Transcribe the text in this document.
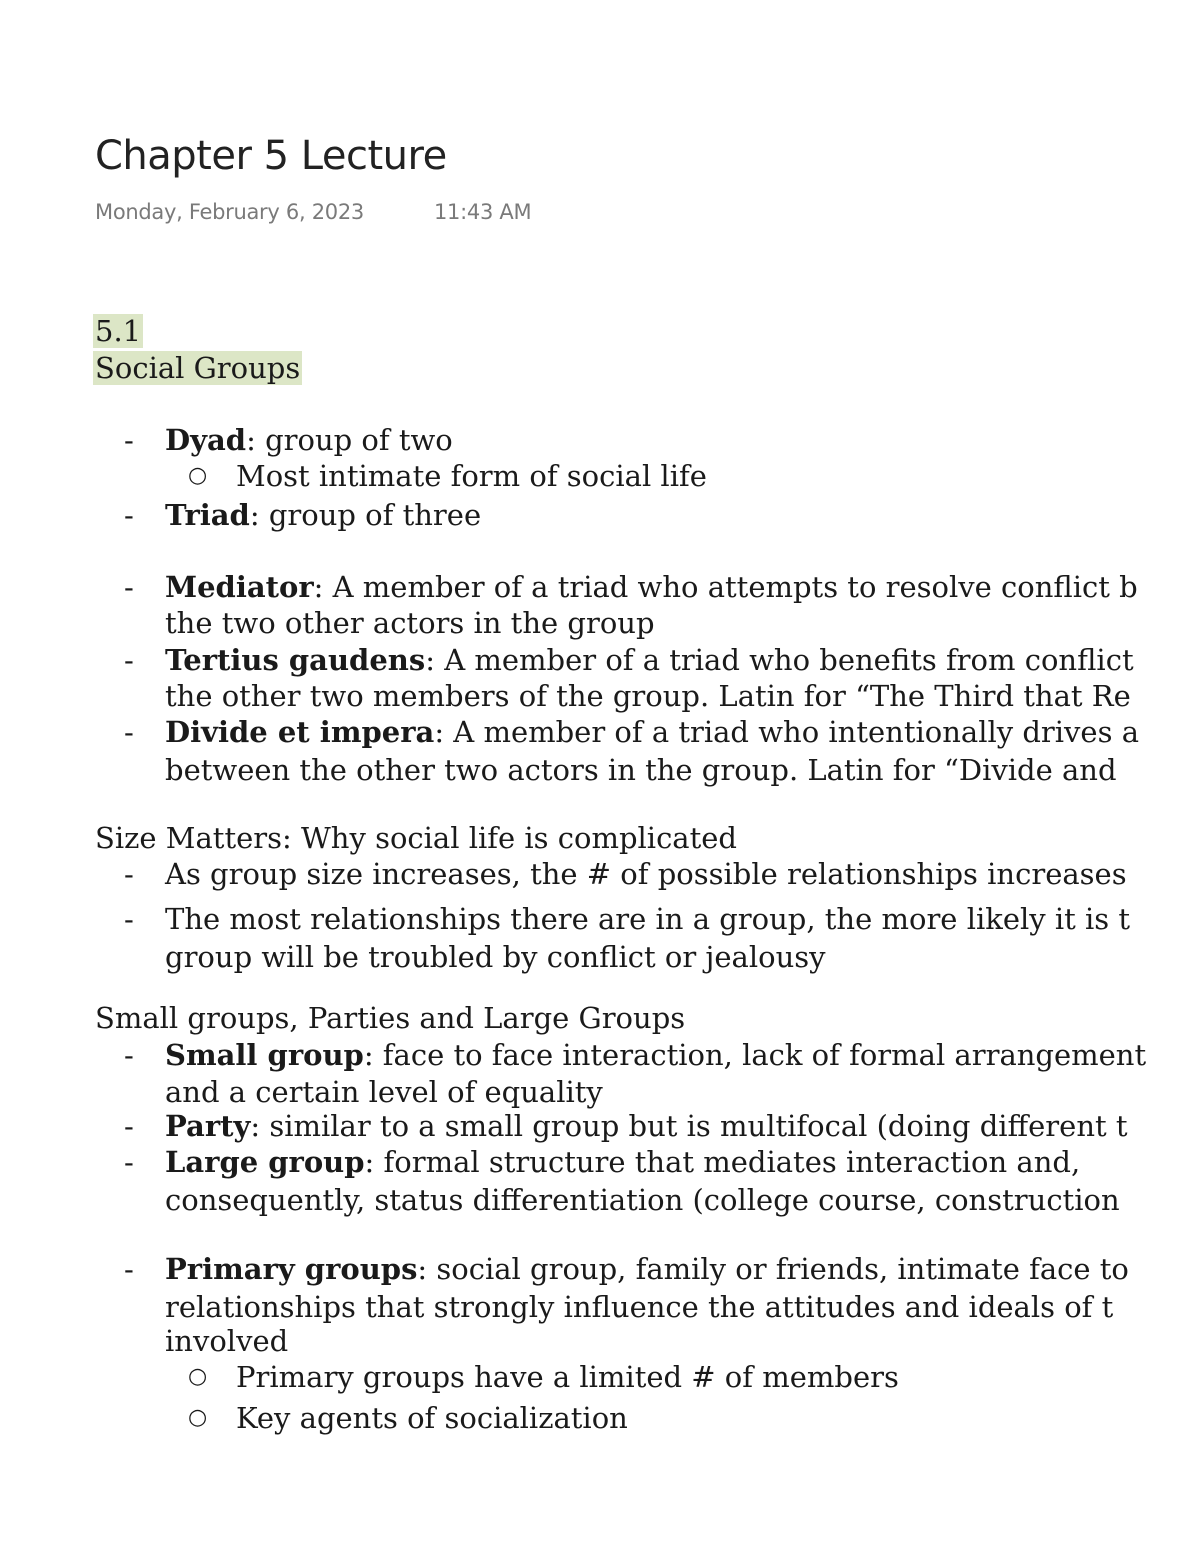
Chapter 5 Lecture
Monday, February 6, 2023	11:43 AM
5.1
Social Groups
- Dyad: group of two
○ Most intimate form of social life
- Triad: group of three
- Mediator: A member of a triad who attempts to resolve conflict b
the two other actors in the group
- Tertius gaudens: A member of a triad who benefits from conflict
the other two members of the group. Latin for “The Third that Re
- Divide et impera: A member of a triad who intentionally drives a
between the other two actors in the group. Latin for “Divide and
Size Matters: Why social life is complicated
- As group size increases, the # of possible relationships increases
- The most relationships there are in a group, the more likely it is t
group will be troubled by conflict or jealousy
Small groups, Parties and Large Groups
- Small group: face to face interaction, lack of formal arrangement
and a certain level of equality
- Party: similar to a small group but is multifocal (doing different t
- Large group: formal structure that mediates interaction and,
consequently, status differentiation (college course, construction
- Primary groups: social group, family or friends, intimate face to
relationships that strongly influence the attitudes and ideals of t
involved
○ Primary groups have a limited # of members
○ Key agents of socialization
